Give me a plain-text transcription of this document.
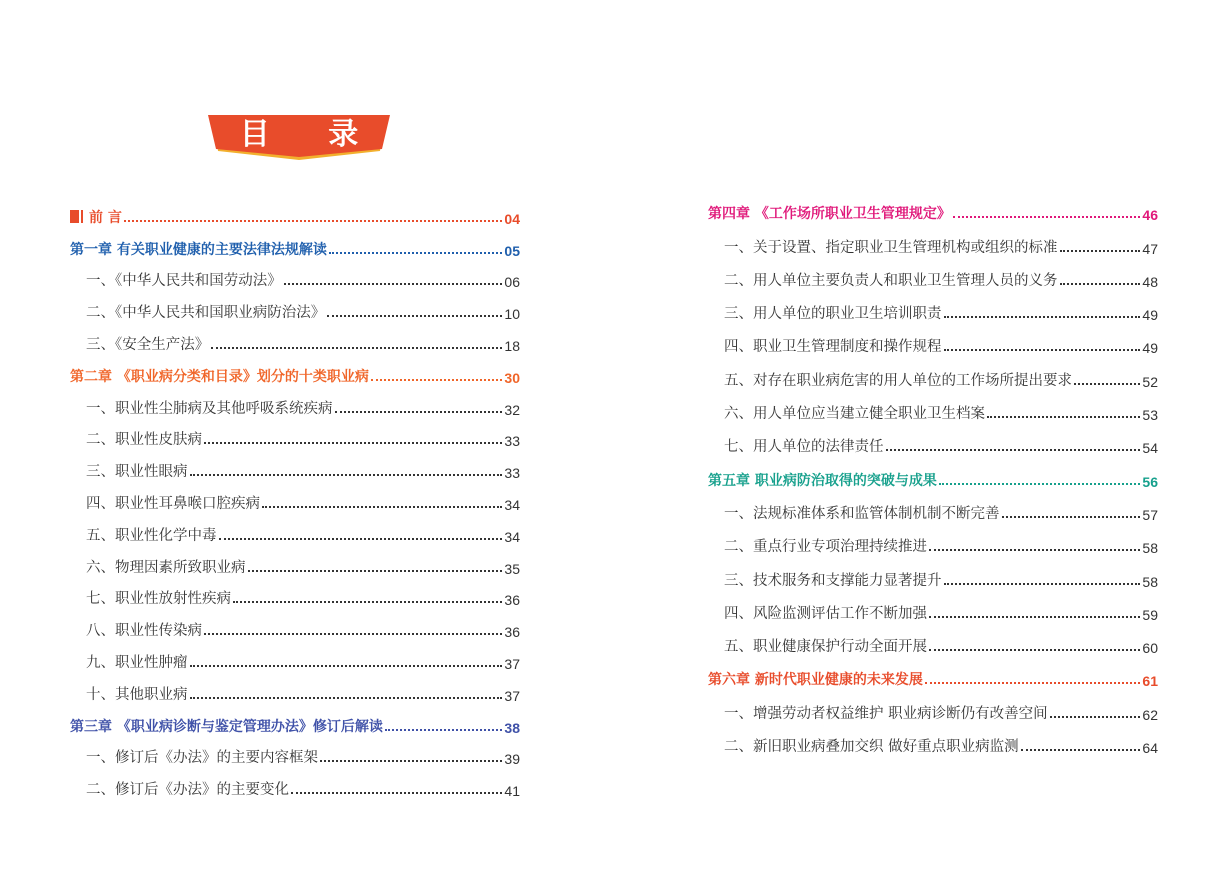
目 录
前 言	04
第一章 有关职业健康的主要法律法规解读	05
一、《中华人民共和国劳动法》	06
二、《中华人民共和国职业病防治法》	10
三、《安全生产法》	18
第二章 《职业病分类和目录》划分的十类职业病	30
一、职业性尘肺病及其他呼吸系统疾病	32
二、职业性皮肤病	33
三、职业性眼病	33
四、职业性耳鼻喉口腔疾病	34
五、职业性化学中毒	34
六、物理因素所致职业病	35
七、职业性放射性疾病	36
八、职业性传染病	36
九、职业性肿瘤	37
十、其他职业病	37
第三章 《职业病诊断与鉴定管理办法》修订后解读	38
一、修订后《办法》的主要内容框架	39
二、修订后《办法》的主要变化	41
第四章 《工作场所职业卫生管理规定》	46
一、关于设置、指定职业卫生管理机构或组织的标准	47
二、用人单位主要负责人和职业卫生管理人员的义务	48
三、用人单位的职业卫生培训职责	49
四、职业卫生管理制度和操作规程	49
五、对存在职业病危害的用人单位的工作场所提出要求	52
六、用人单位应当建立健全职业卫生档案	53
七、用人单位的法律责任	54
第五章 职业病防治取得的突破与成果	56
一、法规标准体系和监管体制机制不断完善	57
二、重点行业专项治理持续推进	58
三、技术服务和支撑能力显著提升	58
四、风险监测评估工作不断加强	59
五、职业健康保护行动全面开展	60
第六章 新时代职业健康的未来发展	61
一、增强劳动者权益维护 职业病诊断仍有改善空间	62
二、新旧职业病叠加交织 做好重点职业病监测	64
